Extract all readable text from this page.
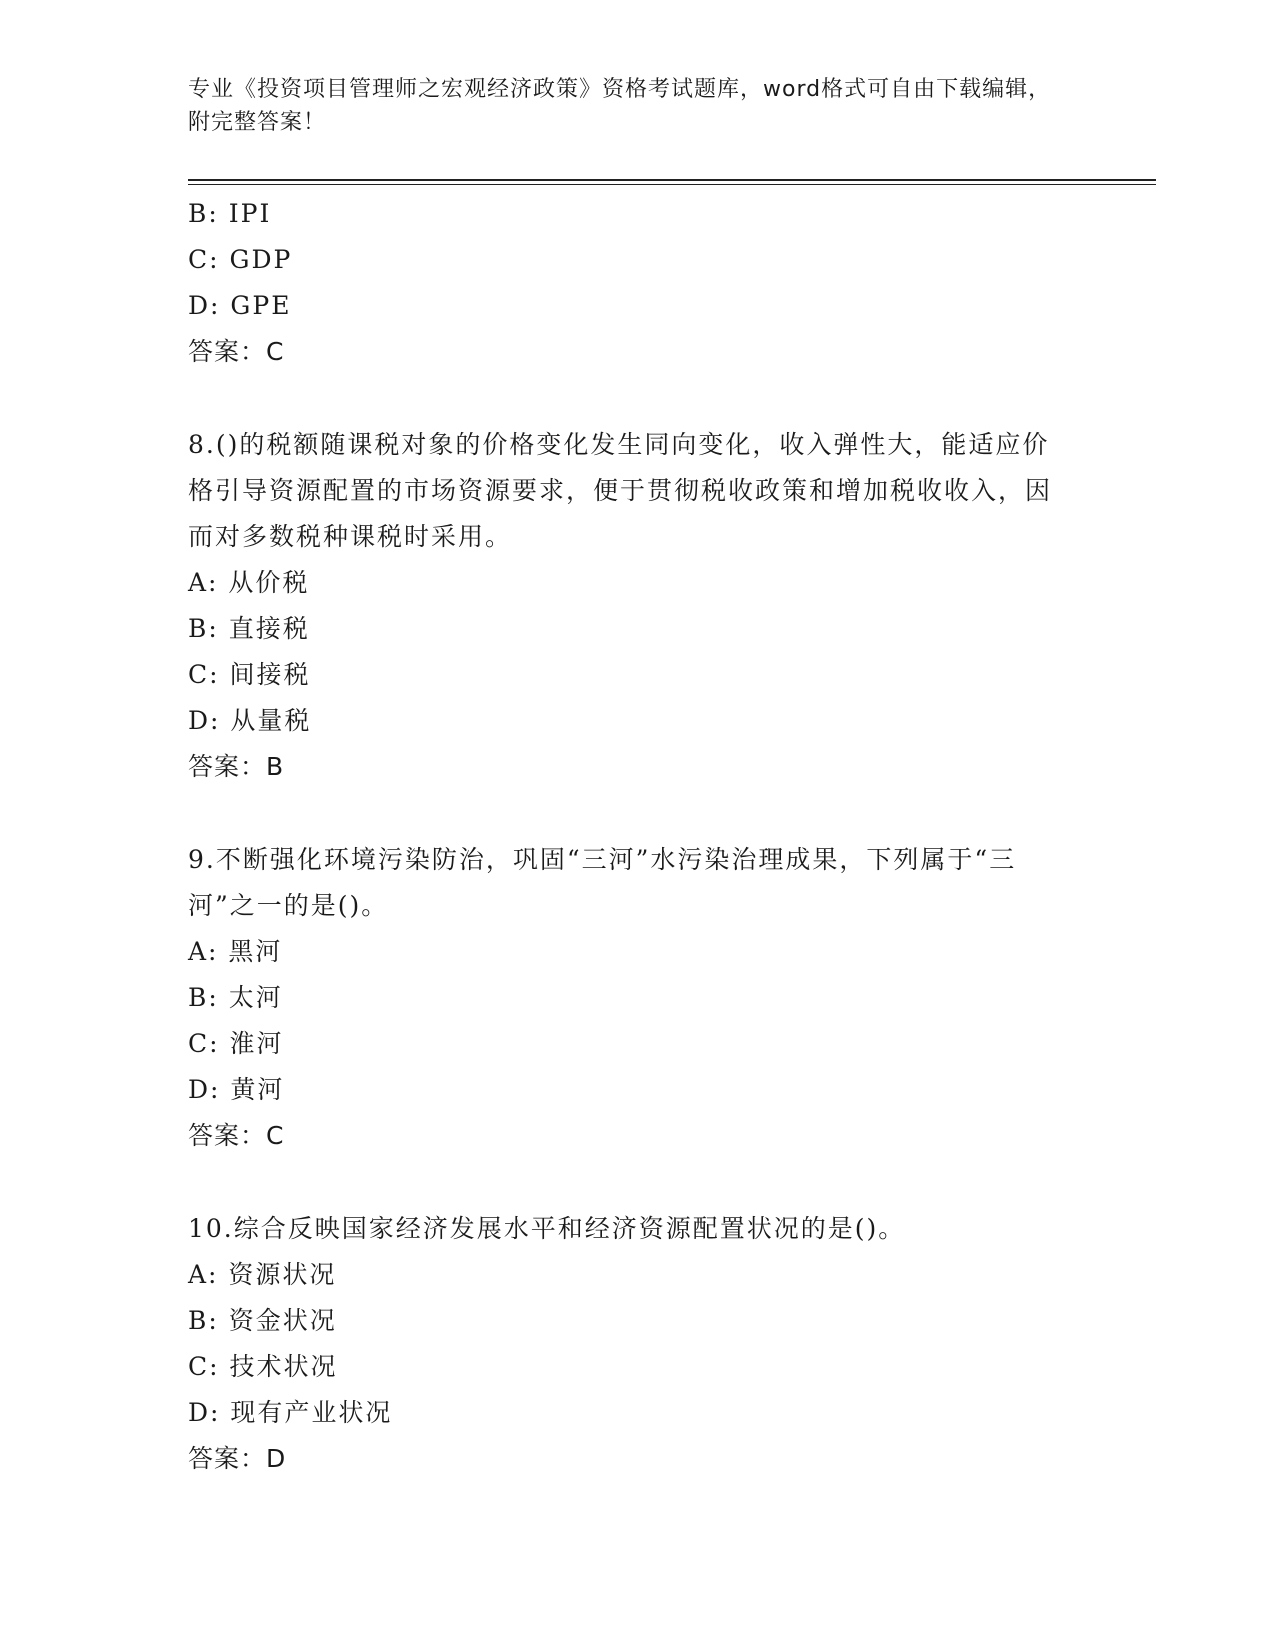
专业《投资项目管理师之宏观经济政策》资格考试题库，word格式可自由下载编辑，附完整答案！
B: IPI
C: GDP
D: GPE
答案：C
8.()的税额随课税对象的价格变化发生同向变化，收入弹性大，能适应价格引导资源配置的市场资源要求，便于贯彻税收政策和增加税收收入，因而对多数税种课税时采用。
A: 从价税
B: 直接税
C: 间接税
D: 从量税
答案：B
9.不断强化环境污染防治，巩固“三河”水污染治理成果，下列属于“三河”之一的是()。
A: 黑河
B: 太河
C: 淮河
D: 黄河
答案：C
10.综合反映国家经济发展水平和经济资源配置状况的是()。
A: 资源状况
B: 资金状况
C: 技术状况
D: 现有产业状况
答案：D
